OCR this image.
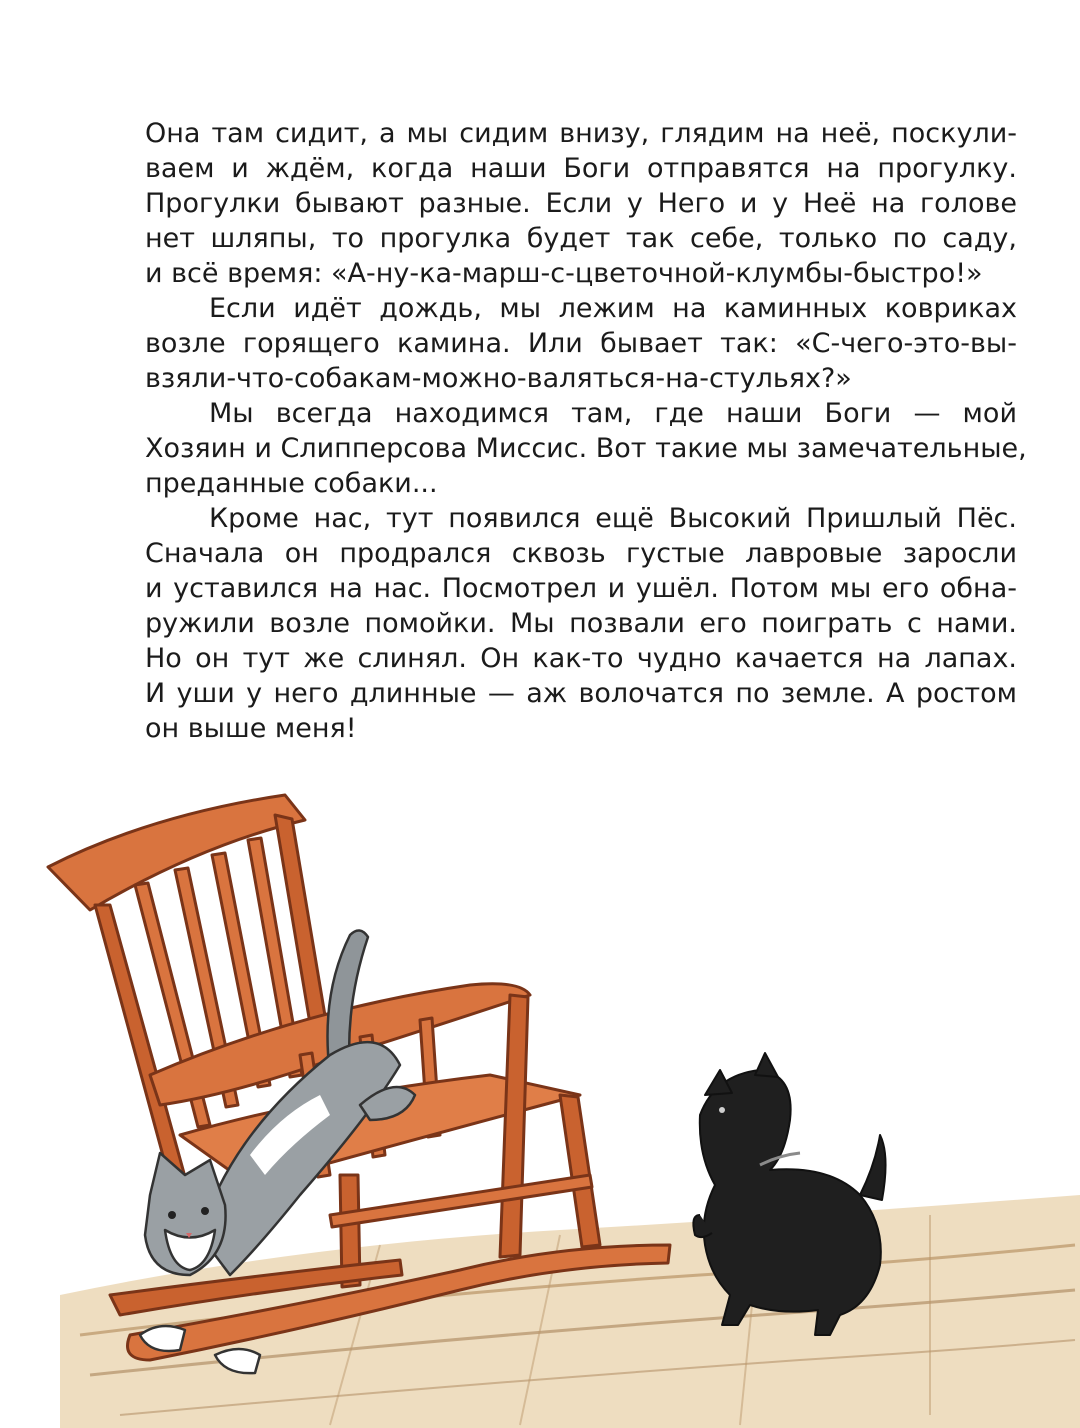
Она там сидит, а мы сидим внизу, глядим на неё, поскули-
ваем и ждём, когда наши Боги отправятся на прогулку.
Прогулки бывают разные. Если у Него и у Неё на голове
нет шляпы, то прогулка будет так себе, только по саду,
и всё время: «А-ну-ка-марш-с-цветочной-клумбы-быстро!»
Если идёт дождь, мы лежим на каминных ковриках
возле горящего камина. Или бывает так: «С-чего-это-вы-
взяли-что-собакам-можно-валяться-на-стульях?»
Мы всегда находимся там, где наши Боги — мой
Хозяин и Слипперсова Миссис. Вот такие мы замечательные,
преданные собаки...
Кроме нас, тут появился ещё Высокий Пришлый Пёс.
Сначала он продрался сквозь густые лавровые заросли
и уставился на нас. Посмотрел и ушёл. Потом мы его обна-
ружили возле помойки. Мы позвали его поиграть с нами.
Но он тут же слинял. Он как-то чудно качается на лапах.
И уши у него длинные — аж волочатся по земле. А ростом
он выше меня!
